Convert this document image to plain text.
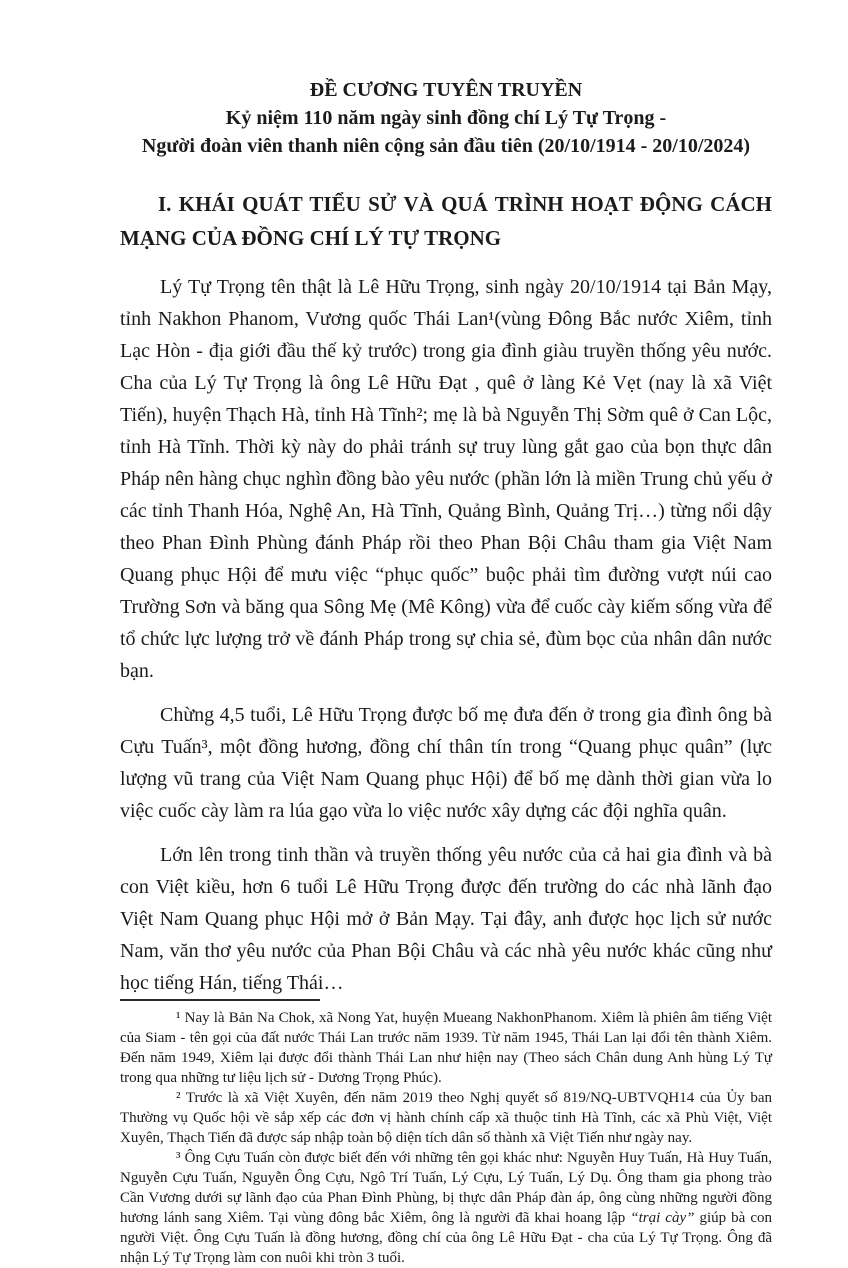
ĐỀ CƯƠNG TUYÊN TRUYỀN
Kỷ niệm 110 năm ngày sinh đồng chí Lý Tự Trọng -
Người đoàn viên thanh niên cộng sản đầu tiên (20/10/1914 - 20/10/2024)
I. KHÁI QUÁT TIỂU SỬ VÀ QUÁ TRÌNH HOẠT ĐỘNG CÁCH MẠNG CỦA ĐỒNG CHÍ LÝ TỰ TRỌNG

Lý Tự Trọng tên thật là Lê Hữu Trọng, sinh ngày 20/10/1914 tại Bản Mạy, tỉnh Nakhon Phanom, Vương quốc Thái Lan¹(vùng Đông Bắc nước Xiêm, tỉnh Lạc Hòn - địa giới đầu thế kỷ trước) trong gia đình giàu truyền thống yêu nước. Cha của Lý Tự Trọng là ông Lê Hữu Đạt , quê ở làng Kẻ Vẹt (nay là xã Việt Tiến), huyện Thạch Hà, tỉnh Hà Tĩnh²; mẹ là bà Nguyễn Thị Sờm quê ở Can Lộc, tỉnh Hà Tĩnh. Thời kỳ này do phải tránh sự truy lùng gắt gao của bọn thực dân Pháp nên hàng chục nghìn đồng bào yêu nước (phần lớn là miền Trung chủ yếu ở các tỉnh Thanh Hóa, Nghệ An, Hà Tĩnh, Quảng Bình, Quảng Trị…) từng nổi dậy theo Phan Đình Phùng đánh Pháp rồi theo Phan Bội Châu tham gia Việt Nam Quang phục Hội để mưu việc “phục quốc” buộc phải tìm đường vượt núi cao Trường Sơn và băng qua Sông Mẹ (Mê Kông) vừa để cuốc cày kiếm sống vừa để tổ chức lực lượng trở về đánh Pháp trong sự chia sẻ, đùm bọc của nhân dân nước bạn.

Chừng 4,5 tuổi, Lê Hữu Trọng được bố mẹ đưa đến ở trong gia đình ông bà Cựu Tuấn³, một đồng hương, đồng chí thân tín trong “Quang phục quân” (lực lượng vũ trang của Việt Nam Quang phục Hội) để bố mẹ dành thời gian vừa lo việc cuốc cày làm ra lúa gạo vừa lo việc nước xây dựng các đội nghĩa quân.

Lớn lên trong tinh thần và truyền thống yêu nước của cả hai gia đình và bà con Việt kiều, hơn 6 tuổi Lê Hữu Trọng được đến trường do các nhà lãnh đạo Việt Nam Quang phục Hội mở ở Bản Mạy. Tại đây, anh được học lịch sử nước Nam, văn thơ yêu nước của Phan Bội Châu và các nhà yêu nước khác cũng như học tiếng Hán, tiếng Thái…

¹ Nay là Bản Na Chok, xã Nong Yat, huyện Mueang NakhonPhanom. Xiêm là phiên âm tiếng Việt của Siam - tên gọi của đất nước Thái Lan trước năm 1939. Từ năm 1945, Thái Lan lại đổi tên thành Xiêm. Đến năm 1949, Xiêm lại được đổi thành Thái Lan như hiện nay (Theo sách Chân dung Anh hùng Lý Tự trong qua những tư liệu lịch sử - Dương Trọng Phúc).

² Trước là xã Việt Xuyên, đến năm 2019 theo Nghị quyết số 819/NQ-UBTVQH14 của Ủy ban Thường vụ Quốc hội về sắp xếp các đơn vị hành chính cấp xã thuộc tỉnh Hà Tĩnh, các xã Phù Việt, Việt Xuyên, Thạch Tiến đã được sáp nhập toàn bộ diện tích dân số thành xã Việt Tiến như ngày nay.

³ Ông Cựu Tuấn còn được biết đến với những tên gọi khác như: Nguyễn Huy Tuấn, Hà Huy Tuấn, Nguyễn Cựu Tuấn, Nguyễn Ông Cựu, Ngô Trí Tuấn, Lý Cựu, Lý Tuấn, Lý Dụ. Ông tham gia phong trào Cần Vương dưới sự lãnh đạo của Phan Đình Phùng, bị thực dân Pháp đàn áp, ông cùng những người đồng hương lánh sang Xiêm. Tại vùng đông bắc Xiêm, ông là người đã khai hoang lập “trại cày” giúp bà con người Việt. Ông Cựu Tuấn là đồng hương, đồng chí của ông Lê Hữu Đạt - cha của Lý Tự Trọng. Ông đã nhận Lý Tự Trọng làm con nuôi khi tròn 3 tuổi.
